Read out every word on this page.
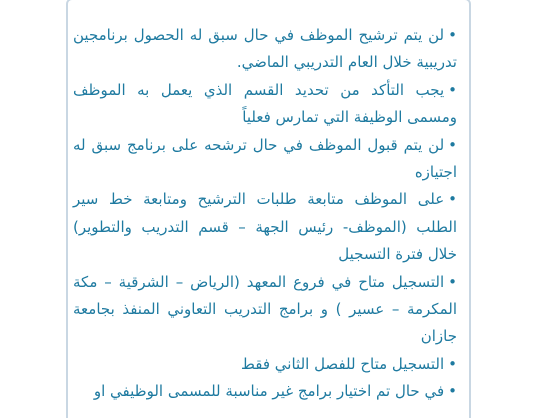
•لن يتم ترشيح الموظف في حال سبق له الحصول برنامجين تدريبية خلال العام التدريبي الماضي.

•يجب التأكد من تحديد القسم الذي يعمل به الموظف ومسمى الوظيفة التي تمارس فعلياً

•لن يتم قبول الموظف في حال ترشحه على برنامج سبق له اجتيازه

•على الموظف متابعة طلبات الترشيح ومتابعة خط سير الطلب (الموظف- رئيس الجهة – قسم التدريب والتطوير) خلال فترة التسجيل

•التسجيل متاح في فروع المعهد (الرياض – الشرقية – مكة المكرمة – عسير ) و برامج التدريب التعاوني المنفذ بجامعة جازان

•التسجيل متاح للفصل الثاني فقط

•في حال تم اختيار برامج غير مناسبة للمسمى الوظيفي او
